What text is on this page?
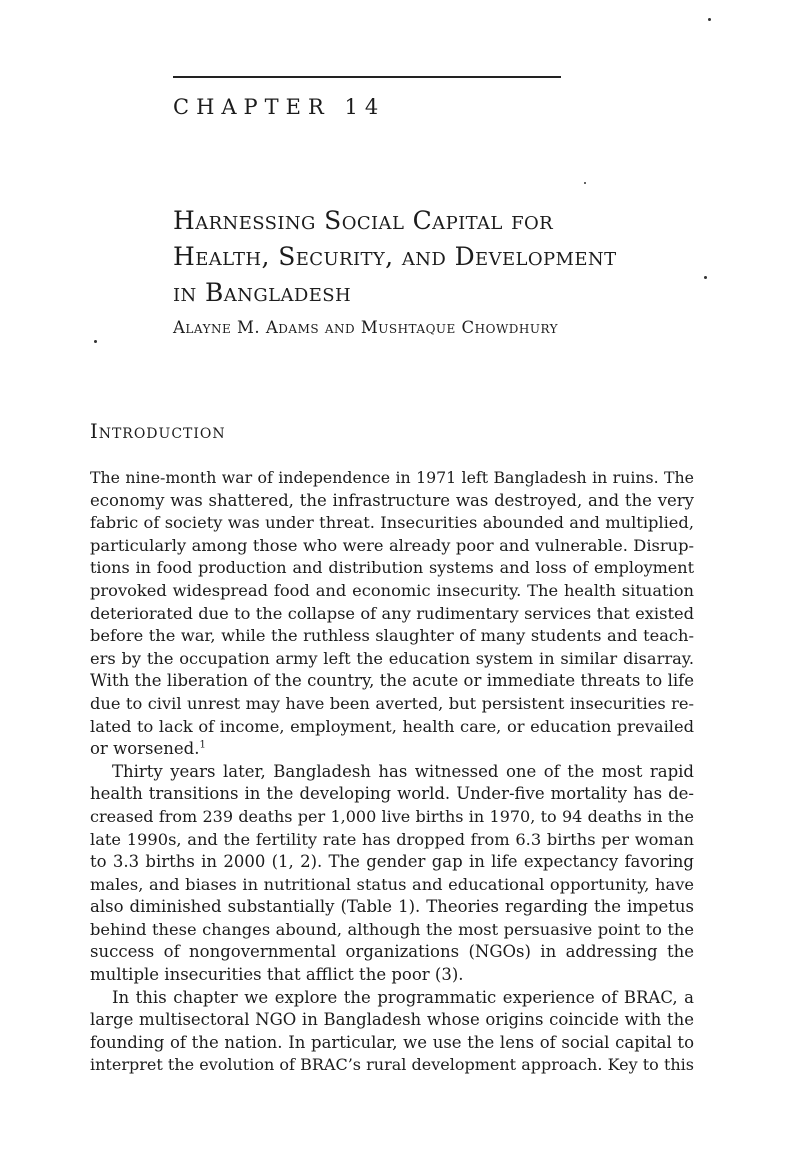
CHAPTER 14
Harnessing Social Capital for
Health, Security, and Development
in Bangladesh
Alayne M. Adams and Mushtaque Chowdhury
Introduction
The nine-month war of independence in 1971 left Bangladesh in ruins. The
economy was shattered, the infrastructure was destroyed, and the very
fabric of society was under threat. Insecurities abounded and multiplied,
particularly among those who were already poor and vulnerable. Disrup-
tions in food production and distribution systems and loss of employment
provoked widespread food and economic insecurity. The health situation
deteriorated due to the collapse of any rudimentary services that existed
before the war, while the ruthless slaughter of many students and teach-
ers by the occupation army left the education system in similar disarray.
With the liberation of the country, the acute or immediate threats to life
due to civil unrest may have been averted, but persistent insecurities re-
lated to lack of income, employment, health care, or education prevailed
or worsened.$^1$
Thirty years later, Bangladesh has witnessed one of the most rapid
health transitions in the developing world. Under-five mortality has de-
creased from 239 deaths per 1,000 live births in 1970, to 94 deaths in the
late 1990s, and the fertility rate has dropped from 6.3 births per woman
to 3.3 births in 2000 (1, 2). The gender gap in life expectancy favoring
males, and biases in nutritional status and educational opportunity, have
also diminished substantially (Table 1). Theories regarding the impetus
behind these changes abound, although the most persuasive point to the
success of nongovernmental organizations (NGOs) in addressing the
multiple insecurities that afflict the poor (3).
In this chapter we explore the programmatic experience of BRAC, a
large multisectoral NGO in Bangladesh whose origins coincide with the
founding of the nation. In particular, we use the lens of social capital to
interpret the evolution of BRAC’s rural development approach. Key to this
